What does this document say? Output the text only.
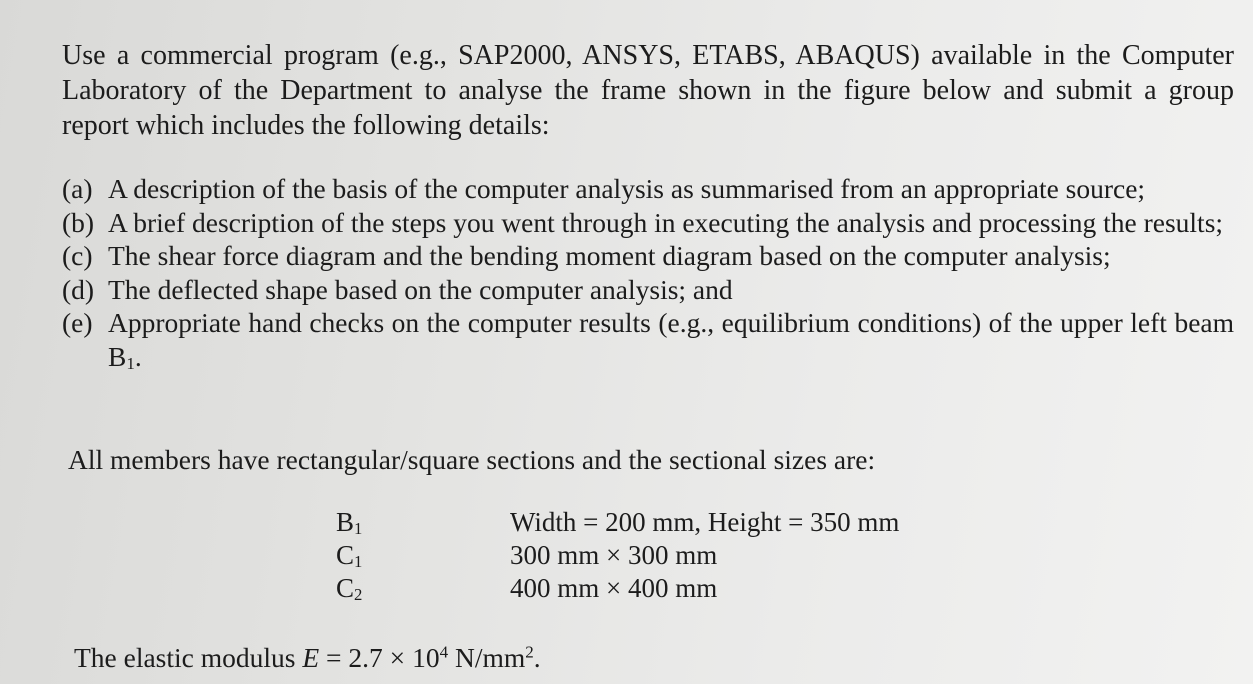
Use a commercial program (e.g., SAP2000, ANSYS, ETABS, ABAQUS) available in the Computer
Laboratory of the Department to analyse the frame shown in the figure below and submit a group
report which includes the following details:
(a) A description of the basis of the computer analysis as summarised from an appropriate source;
(b) A brief description of the steps you went through in executing the analysis and processing the results;
(c) The shear force diagram and the bending moment diagram based on the computer analysis;
(d) The deflected shape based on the computer analysis; and
(e) Appropriate hand checks on the computer results (e.g., equilibrium conditions) of the upper left beam $B_1$.
All members have rectangular/square sections and the sectional sizes are:
$B_1$	Width = 200 mm, Height = 350 mm
$C_1$	300 mm × 300 mm
$C_2$	400 mm × 400 mm
The elastic modulus $E = 2.7 \times 10^4$ $N/mm^2$.
